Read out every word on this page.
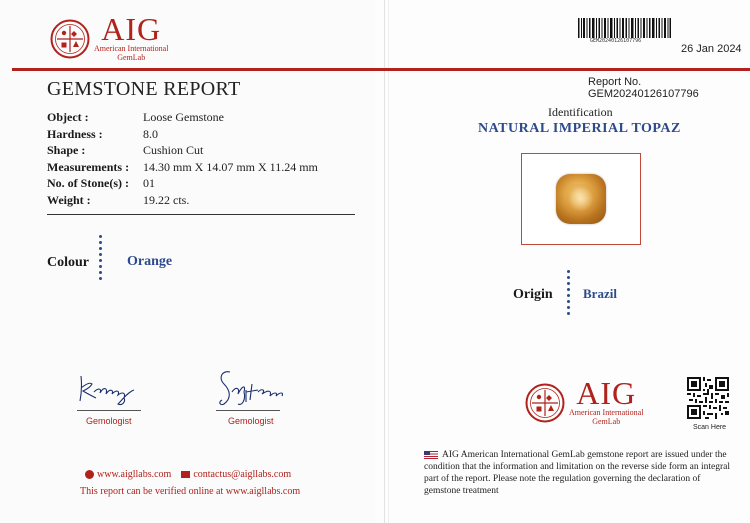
AIG
American International
GemLab
GEMSTONE REPORT
Object :	Loose Gemstone
Hardness :	8.0
Shape :	Cushion Cut
Measurements :	14.30 mm X 14.07 mm X 11.24 mm
No. of Stone(s) :	01
Weight :	19.22 cts.
Colour	Orange
Gemologist	Gemologist
www.aigllabs.com contactus@aigllabs.com
This report can be verified online at www.aigllabs.com
GEM20240126107796
26 Jan 2024
Report No. GEM20240126107796
Identification
NATURAL IMPERIAL TOPAZ
Origin Brazil
AIG
American International
GemLab
Scan Here
AIG American International GemLab gemstone report are issued under the condition that the information and limitation on the reverse side form an integral part of the report. Please note the regulation governing the declaration of gemstone treatment
